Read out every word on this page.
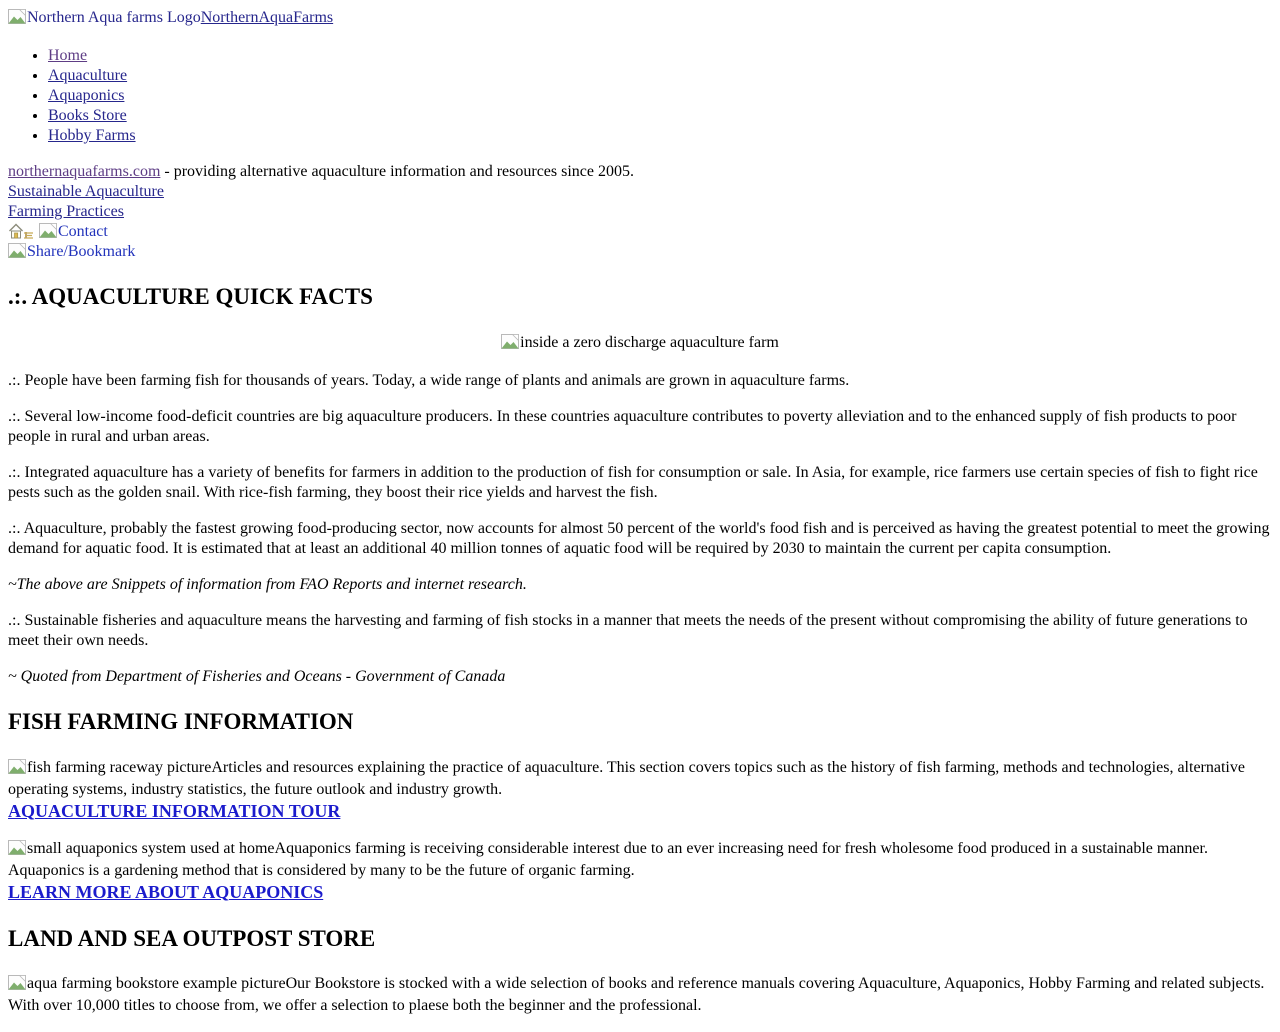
Northern Aqua farms LogoNorthernAquaFarms
• Home
• Aquaculture
• Aquaponics
• Books Store
• Hobby Farms
northernaquafarms.com - providing alternative aquaculture information and resources since 2005.
Sustainable Aquaculture
Farming Practices
Contact
Share/Bookmark
.:. AQUACULTURE QUICK FACTS

inside a zero discharge aquaculture farm

.:. People have been farming fish for thousands of years. Today, a wide range of plants and animals are grown in aquaculture farms.

.:. Several low-income food-deficit countries are big aquaculture producers. In these countries aquaculture contributes to poverty alleviation and to the enhanced supply of fish products to poor people in rural and urban areas.

.:. Integrated aquaculture has a variety of benefits for farmers in addition to the production of fish for consumption or sale. In Asia, for example, rice farmers use certain species of fish to fight rice pests such as the golden snail. With rice-fish farming, they boost their rice yields and harvest the fish.

.:. Aquaculture, probably the fastest growing food-producing sector, now accounts for almost 50 percent of the world's food fish and is perceived as having the greatest potential to meet the growing demand for aquatic food. It is estimated that at least an additional 40 million tonnes of aquatic food will be required by 2030 to maintain the current per capita consumption.

~The above are Snippets of information from FAO Reports and internet research.

.:. Sustainable fisheries and aquaculture means the harvesting and farming of fish stocks in a manner that meets the needs of the present without compromising the ability of future generations to meet their own needs.

~ Quoted from Department of Fisheries and Oceans - Government of Canada

FISH FARMING INFORMATION

fish farming raceway pictureArticles and resources explaining the practice of aquaculture. This section covers topics such as the history of fish farming, methods and technologies, alternative operating systems, industry statistics, the future outlook and industry growth.
AQUACULTURE INFORMATION TOUR

small aquaponics system used at homeAquaponics farming is receiving considerable interest due to an ever increasing need for fresh wholesome food produced in a sustainable manner. Aquaponics is a gardening method that is considered by many to be the future of organic farming.
LEARN MORE ABOUT AQUAPONICS

LAND AND SEA OUTPOST STORE

aqua farming bookstore example pictureOur Bookstore is stocked with a wide selection of books and reference manuals covering Aquaculture, Aquaponics, Hobby Farming and related subjects. With over 10,000 titles to choose from, we offer a selection to plaese both the beginner and the professional.
